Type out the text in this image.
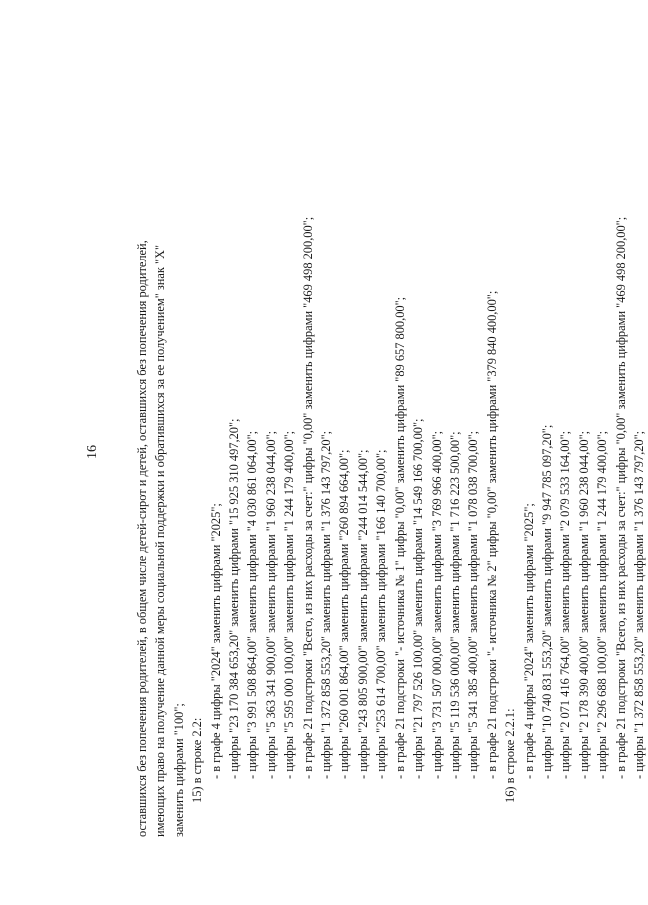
16	оставшихся без попечения родителей, в общем числе детей-сирот и детей, оставшихся без попечения родителей, имеющих право на получение данной меры социальной поддержки и обратившихся за ее получением" знак "X" заменить цифрами "100"; 15) в строке 2.2: - в графе 4 цифры "2024" заменить цифрами "2025"; - цифры "23 170 384 653,20" заменить цифрами "15 925 310 497,20"; - цифры "3 991 508 864,00" заменить цифрами "4 030 861 064,00"; - цифры "5 363 341 900,00" заменить цифрами "1 960 238 044,00"; - цифры "5 595 000 100,00" заменить цифрами "1 244 179 400,00"; - в графе 21 подстроки "Всего, из них расходы за счет:" цифры "0,00" заменить цифрами "469 498 200,00"; - цифры "1 372 858 553,20" заменить цифрами "1 376 143 797,20"; - цифры "260 001 864,00" заменить цифрами "260 894 664,00"; - цифры "243 805 900,00" заменить цифрами "244 014 544,00"; - цифры "253 614 700,00" заменить цифрами "166 140 700,00"; - в графе 21 подстроки "- источника № 1" цифры "0,00" заменить цифрами "89 657 800,00"; - цифры "21 797 526 100,00" заменить цифрами "14 549 166 700,00"; - цифры "3 731 507 000,00" заменить цифрами "3 769 966 400,00"; - цифры "5 119 536 000,00" заменить цифрами "1 716 223 500,00"; - цифры "5 341 385 400,00" заменить цифрами "1 078 038 700,00"; - в графе 21 подстроки "- источника № 2" цифры "0,00" заменить цифрами "379 840 400,00"; 16) в строке 2.2.1: - в графе 4 цифры "2024" заменить цифрами "2025"; - цифры "10 740 831 553,20" заменить цифрами "9 947 785 097,20"; - цифры "2 071 416 764,00" заменить цифрами "2 079 533 164,00"; - цифры "2 178 390 400,00" заменить цифрами "1 960 238 044,00"; - цифры "2 296 688 100,00" заменить цифрами "1 244 179 400,00"; - в графе 21 подстроки "Всего, из них расходы за счет:" цифры "0,00" заменить цифрами "469 498 200,00"; - цифры "1 372 858 553,20" заменить цифрами "1 376 143 797,20";
